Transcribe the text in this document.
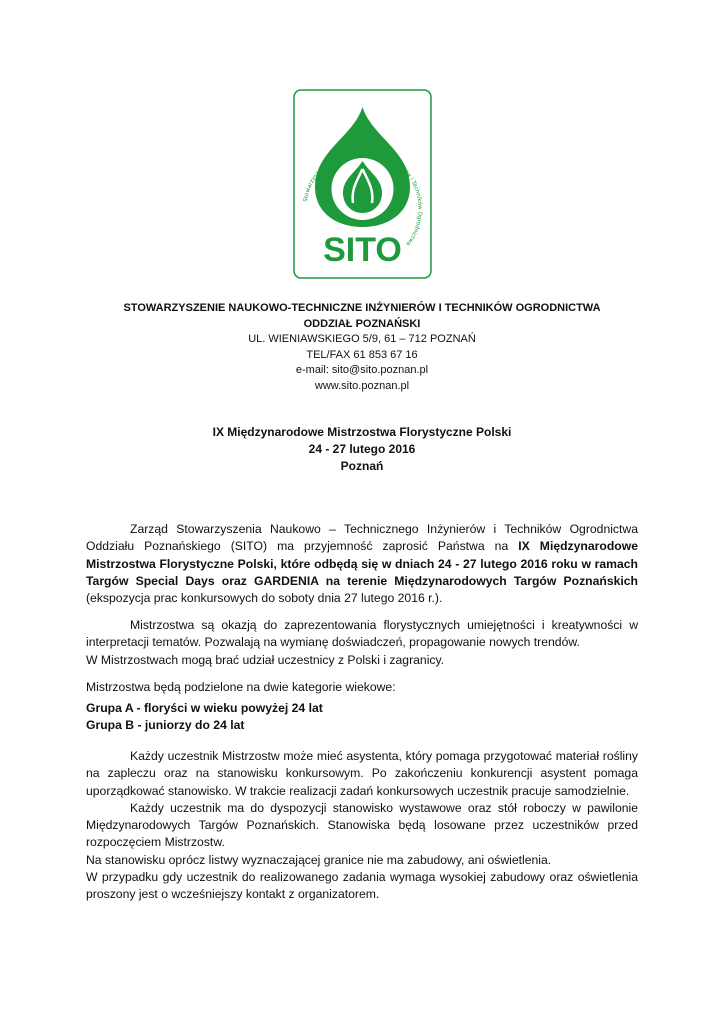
Stowarzyszenie Naukowo-Techniczne Inżynierów i Techników Ogrodnictwa
SITO
STOWARZYSZENIE NAUKOWO-TECHNICZNE INŻYNIERÓW I TECHNIKÓW OGRODNICTWA
ODDZIAŁ POZNAŃSKI
UL. WIENIAWSKIEGO 5/9, 61 – 712 POZNAŃ
TEL/FAX 61 853 67 16
e-mail: sito@sito.poznan.pl
www.sito.poznan.pl
IX Międzynarodowe Mistrzostwa Florystyczne Polski
24 - 27 lutego 2016
Poznań

Zarząd Stowarzyszenia Naukowo – Technicznego Inżynierów i Techników Ogrodnictwa Oddziału Poznańskiego (SITO) ma przyjemność zaprosić Państwa na IX Międzynarodowe Mistrzostwa Florystyczne Polski, które odbędą się w dniach 24 - 27 lutego 2016 roku w ramach Targów Special Days oraz GARDENIA na terenie Międzynarodowych Targów Poznańskich (ekspozycja prac konkursowych do soboty dnia 27 lutego 2016 r.).

Mistrzostwa są okazją do zaprezentowania florystycznych umiejętności i kreatywności w interpretacji tematów. Pozwalają na wymianę doświadczeń, propagowanie nowych trendów.

W Mistrzostwach mogą brać udział uczestnicy z Polski i zagranicy.

Mistrzostwa będą podzielone na dwie kategorie wiekowe:

Grupa A - floryści w wieku powyżej 24 lat

Grupa B - juniorzy do 24 lat

Każdy uczestnik Mistrzostw może mieć asystenta, który pomaga przygotować materiał rośliny na zapleczu oraz na stanowisku konkursowym. Po zakończeniu konkurencji asystent pomaga uporządkować stanowisko. W trakcie realizacji zadań konkursowych uczestnik pracuje samodzielnie.

Każdy uczestnik ma do dyspozycji stanowisko wystawowe oraz stół roboczy w pawilonie Międzynarodowych Targów Poznańskich. Stanowiska będą losowane przez uczestników przed rozpoczęciem Mistrzostw.

Na stanowisku oprócz listwy wyznaczającej granice nie ma zabudowy, ani oświetlenia.

W przypadku gdy uczestnik do realizowanego zadania wymaga wysokiej zabudowy oraz oświetlenia proszony jest o wcześniejszy kontakt z organizatorem.
